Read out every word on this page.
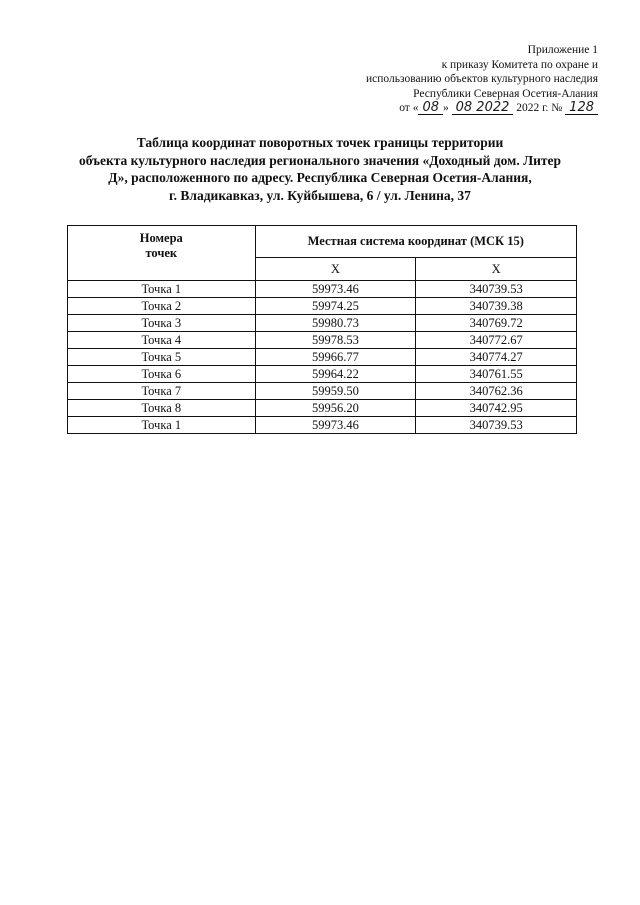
Приложение 1
к приказу Комитета по охране и
использованию объектов культурного наследия
Республики Северная Осетия-Алания
от « 08 » 08 2022 2022 г. № 128
Таблица координат поворотных точек границы территории
объекта культурного наследия регионального значения «Доходный дом. Литер
Д», расположенного по адресу. Республика Северная Осетия-Алания,
г. Владикавказ, ул. Куйбышева, 6 / ул. Ленина, 37
Номера
точек	Местная система координат (МСК 15)	
	X	X
Точка 1	59973.46	340739.53
Точка 2	59974.25	340739.38
Точка 3	59980.73	340769.72
Точка 4	59978.53	340772.67
Точка 5	59966.77	340774.27
Точка 6	59964.22	340761.55
Точка 7	59959.50	340762.36
Точка 8	59956.20	340742.95
Точка 1	59973.46	340739.53
